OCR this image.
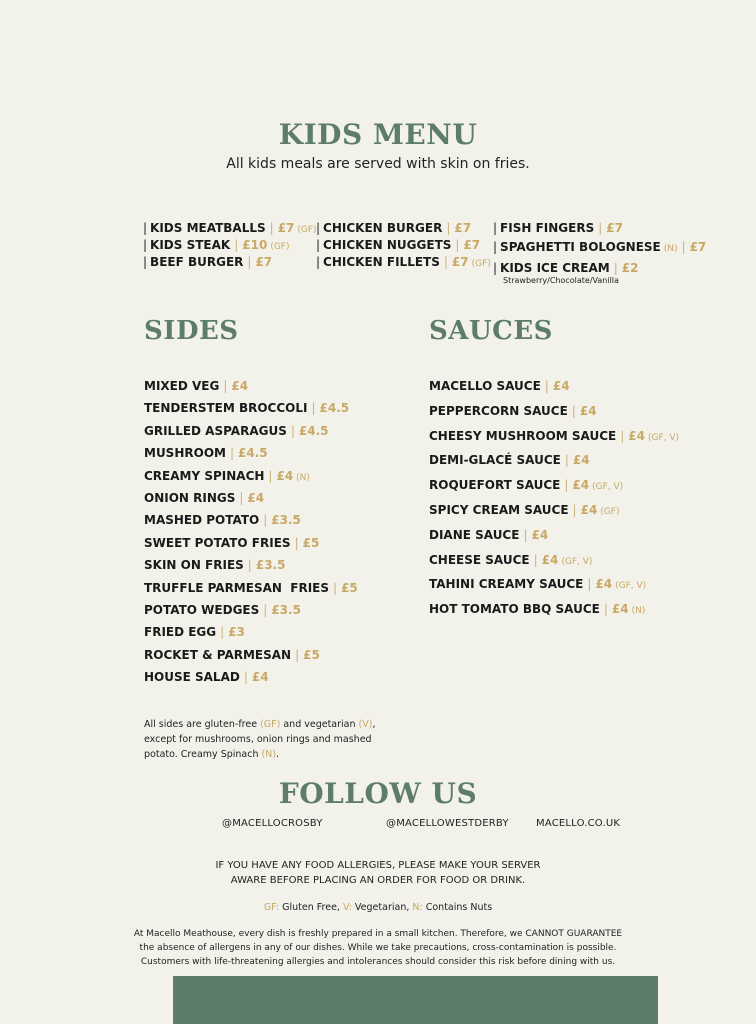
KIDS MENU
All kids meals are served with skin on fries.
| KIDS MEATBALLS | £7 (GF)
| KIDS STEAK | £10 (GF)
| BEEF BURGER | £7
| CHICKEN BURGER | £7
| CHICKEN NUGGETS | £7
| CHICKEN FILLETS | £7 (GF)
| FISH FINGERS | £7
| SPAGHETTI BOLOGNESE (N) | £7
| KIDS ICE CREAM | £2
Strawberry/Chocolate/Vanilla
SIDES	SAUCES
MIXED VEG | £4
TENDERSTEM BROCCOLI | £4.5
GRILLED ASPARAGUS | £4.5
MUSHROOM | £4.5
CREAMY SPINACH | £4 (N)
ONION RINGS | £4
MASHED POTATO | £3.5
SWEET POTATO FRIES | £5
SKIN ON FRIES | £3.5
TRUFFLE PARMESAN  FRIES | £5
POTATO WEDGES | £3.5
FRIED EGG | £3
ROCKET & PARMESAN | £5
HOUSE SALAD | £4
MACELLO SAUCE | £4
PEPPERCORN SAUCE | £4
CHEESY MUSHROOM SAUCE | £4 (GF, V)
DEMI-GLACÉ SAUCE | £4
ROQUEFORT SAUCE | £4 (GF, V)
SPICY CREAM SAUCE | £4 (GF)
DIANE SAUCE | £4
CHEESE SAUCE | £4 (GF, V)
TAHINI CREAMY SAUCE | £4 (GF, V)
HOT TOMATO BBQ SAUCE | £4 (N)
All sides are gluten-free (GF) and vegetarian (V), except for mushrooms, onion rings and mashed potato. Creamy Spinach (N).
FOLLOW US
@MACELLOCROSBY	@MACELLOWESTDERBY	MACELLO.CO.UK
IF YOU HAVE ANY FOOD ALLERGIES, PLEASE MAKE YOUR SERVER
AWARE BEFORE PLACING AN ORDER FOR FOOD OR DRINK.
GF: Gluten Free, V: Vegetarian, N: Contains Nuts
At Macello Meathouse, every dish is freshly prepared in a small kitchen. Therefore, we CANNOT GUARANTEE
the absence of allergens in any of our dishes. While we take precautions, cross-contamination is possible.
Customers with life-threatening allergies and intolerances should consider this risk before dining with us.
